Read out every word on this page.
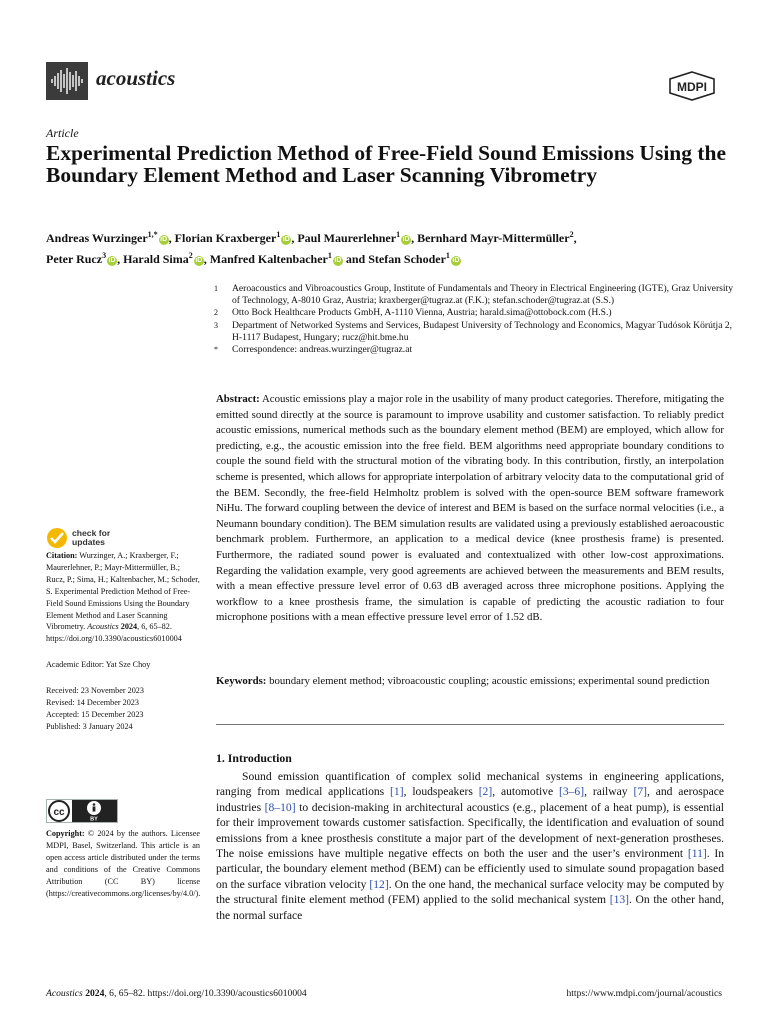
acoustics	MDPI
Article
Experimental Prediction Method of Free-Field Sound Emissions Using the Boundary Element Method and Laser Scanning Vibrometry
Andreas Wurzinger$^{1,*}$iD , Florian Kraxberger$^1$iD , Paul Maurerlehner$^1$iD , Bernhard Mayr-Mittermüller$^2$,
Peter Rucz$^3$iD , Harald Sima$^2$iD , Manfred Kaltenbacher$^1$iD and Stefan Schoder$^1$iD
1	Aeroacoustics and Vibroacoustics Group, Institute of Fundamentals and Theory in Electrical Engineering (IGTE), Graz University of Technology, A-8010 Graz, Austria; kraxberger@tugraz.at (F.K.); stefan.schoder@tugraz.at (S.S.)
2	Otto Bock Healthcare Products GmbH, A-1110 Vienna, Austria; harald.sima@ottobock.com (H.S.)
3	Department of Networked Systems and Services, Budapest University of Technology and Economics, Magyar Tudósok Körútja 2, H-1117 Budapest, Hungary; rucz@hit.bme.hu
*	Correspondence: andreas.wurzinger@tugraz.at
Abstract: Acoustic emissions play a major role in the usability of many product categories. Therefore, mitigating the emitted sound directly at the source is paramount to improve usability and customer satisfaction. To reliably predict acoustic emissions, numerical methods such as the boundary element method (BEM) are employed, which allow for predicting, e.g., the acoustic emission into the free field. BEM algorithms need appropriate boundary conditions to couple the sound field with the structural motion of the vibrating body. In this contribution, firstly, an interpolation scheme is presented, which allows for appropriate interpolation of arbitrary velocity data to the computational grid of the BEM. Secondly, the free-field Helmholtz problem is solved with the open-source BEM software framework NiHu. The forward coupling between the device of interest and BEM is based on the surface normal velocities (i.e., a Neumann boundary condition). The BEM simulation results are validated using a previously established aeroacoustic benchmark problem. Furthermore, an application to a medical device (knee prosthesis frame) is presented. Furthermore, the radiated sound power is evaluated and contextualized with other low-cost approximations. Regarding the validation example, very good agreements are achieved between the measurements and BEM results, with a mean effective pressure level error of 0.63 dB averaged across three microphone positions. Applying the workflow to a knee prosthesis frame, the simulation is capable of predicting the acoustic radiation to four microphone positions with a mean effective pressure level error of 1.52 dB.
Keywords: boundary element method; vibroacoustic coupling; acoustic emissions; experimental sound prediction
1. Introduction

Sound emission quantification of complex solid mechanical systems in engineering applications, ranging from medical applications [1], loudspeakers [2], automotive [3–6], railway [7], and aerospace industries [8–10] to decision-making in architectural acoustics (e.g., placement of a heat pump), is essential for their improvement towards customer satisfaction. Specifically, the identification and evaluation of sound emissions from a knee prosthesis constitute a major part of the development of next-generation prostheses. The noise emissions have multiple negative effects on both the user and the user’s environment [11]. In particular, the boundary element method (BEM) can be efficiently used to simulate sound propagation based on the surface vibration velocity [12]. On the one hand, the mechanical surface velocity may be computed by the structural finite element method (FEM) applied to the solid mechanical system [13]. On the other hand, the normal surface

check for
updates

Citation: Wurzinger, A.; Kraxberger, F.; Maurerlehner, P.; Mayr-Mittermüller, B.; Rucz, P.; Sima, H.; Kaltenbacher, M.; Schoder, S. Experimental Prediction Method of Free-Field Sound Emissions Using the Boundary Element Method and Laser Scanning Vibrometry. Acoustics 2024, 6, 65–82. https://doi.org/10.3390/acoustics6010004

Academic Editor: Yat Sze Choy

Received: 23 November 2023

Revised: 14 December 2023

Accepted: 15 December 2023

Published: 3 January 2024

cc
BY
Copyright: © 2024 by the authors. Licensee MDPI, Basel, Switzerland. This article is an open access article distributed under the terms and conditions of the Creative Commons Attribution (CC BY) license (https://creativecommons.org/licenses/by/4.0/).
Acoustics 2024, 6, 65–82. https://doi.org/10.3390/acoustics6010004	https://www.mdpi.com/journal/acoustics
